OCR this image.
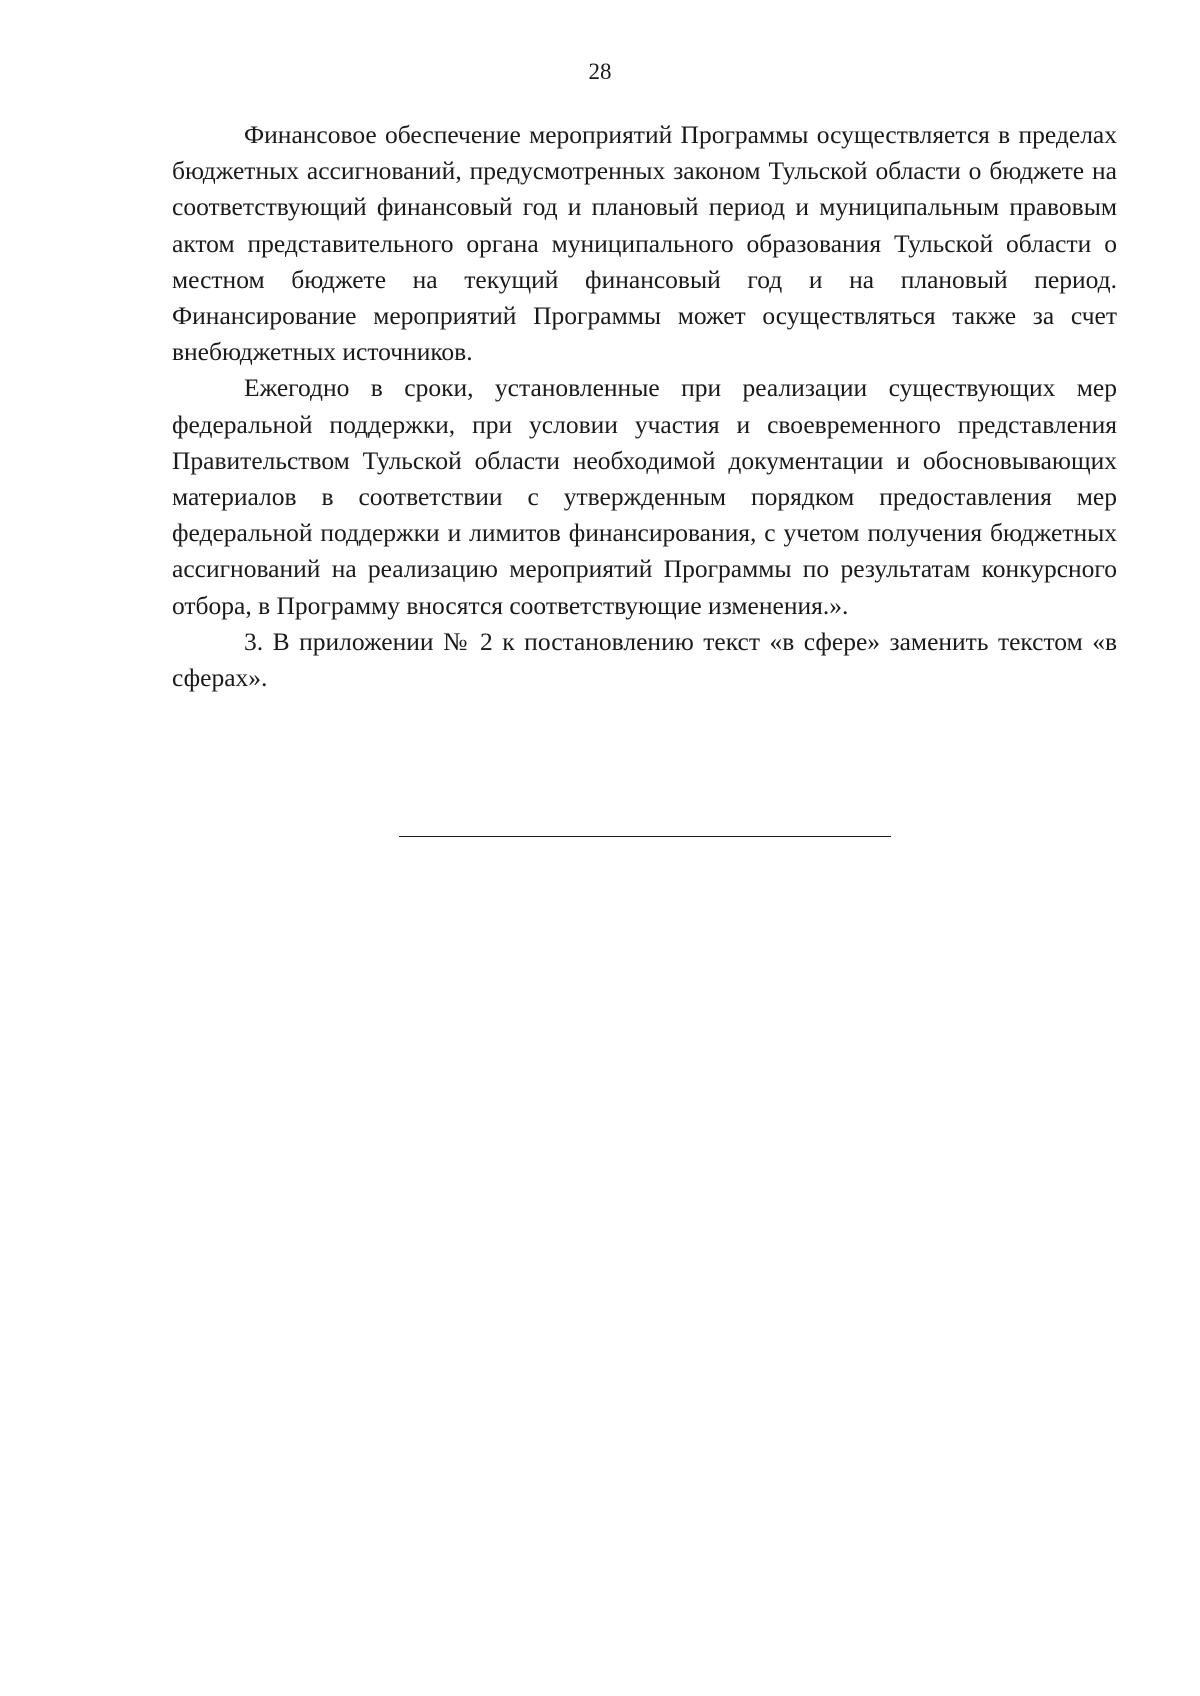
28

Финансовое обеспечение мероприятий Программы осуществляется в пределах бюджетных ассигнований, предусмотренных законом Тульской области о бюджете на соответствующий финансовый год и плановый период и муниципальным правовым актом представительного органа муниципального образования Тульской области о местном бюджете на текущий финансовый год и на плановый период. Финансирование мероприятий Программы может осуществляться также за счет внебюджетных источников.

Ежегодно в сроки, установленные при реализации существующих мер федеральной поддержки, при условии участия и своевременного представления Правительством Тульской области необходимой документации и обосновывающих материалов в соответствии с утвержденным порядком предоставления мер федеральной поддержки и лимитов финансирования, с учетом получения бюджетных ассигнований на реализацию мероприятий Программы по результатам конкурсного отбора, в Программу вносятся соответствующие изменения.».

3. В приложении № 2 к постановлению текст «в сфере» заменить текстом «в сферах».
